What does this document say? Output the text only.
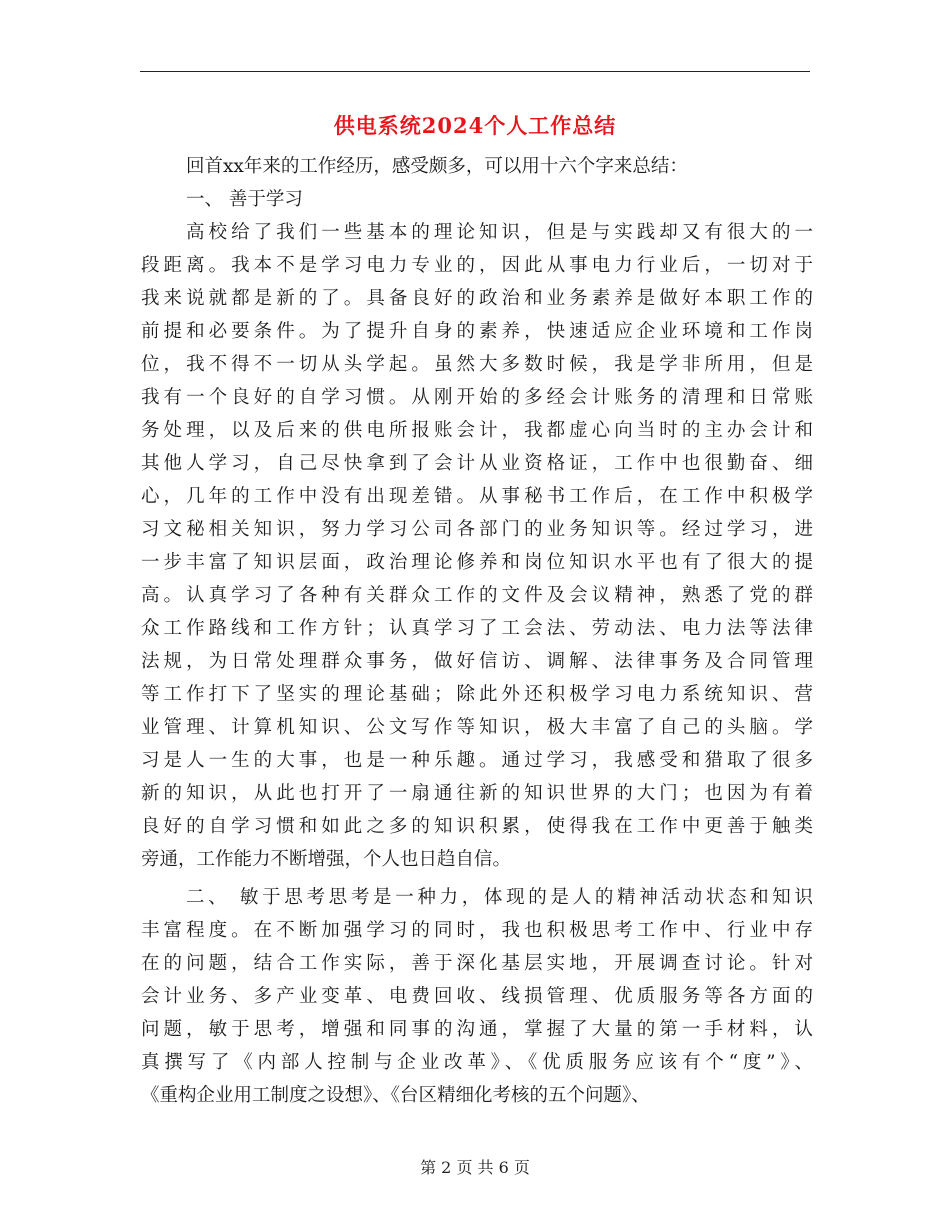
供电系统2024个人工作总结
回首xx年来的工作经历，感受颇多，可以用十六个字来总结：
一、 善于学习
高校给了我们一些基本的理论知识，但是与实践却又有很大的一
段距离。我本不是学习电力专业的，因此从事电力行业后，一切对于
我来说就都是新的了。具备良好的政治和业务素养是做好本职工作的
前提和必要条件。为了提升自身的素养，快速适应企业环境和工作岗
位，我不得不一切从头学起。虽然大多数时候，我是学非所用，但是
我有一个良好的自学习惯。从刚开始的多经会计账务的清理和日常账
务处理，以及后来的供电所报账会计，我都虚心向当时的主办会计和
其他人学习，自己尽快拿到了会计从业资格证，工作中也很勤奋、细
心，几年的工作中没有出现差错。从事秘书工作后，在工作中积极学
习文秘相关知识，努力学习公司各部门的业务知识等。经过学习，进
一步丰富了知识层面，政治理论修养和岗位知识水平也有了很大的提
高。认真学习了各种有关群众工作的文件及会议精神，熟悉了党的群
众工作路线和工作方针；认真学习了工会法、劳动法、电力法等法律
法规，为日常处理群众事务，做好信访、调解、法律事务及合同管理
等工作打下了坚实的理论基础；除此外还积极学习电力系统知识、营
业管理、计算机知识、公文写作等知识，极大丰富了自己的头脑。学
习是人一生的大事，也是一种乐趣。通过学习，我感受和猎取了很多
新的知识，从此也打开了一扇通往新的知识世界的大门；也因为有着
良好的自学习惯和如此之多的知识积累，使得我在工作中更善于触类
旁通，工作能力不断增强，个人也日趋自信。
二、 敏于思考思考是一种力，体现的是人的精神活动状态和知识
丰富程度。在不断加强学习的同时，我也积极思考工作中、行业中存
在的问题，结合工作实际，善于深化基层实地，开展调查讨论。针对
会计业务、多产业变革、电费回收、线损管理、优质服务等各方面的
问题，敏于思考，增强和同事的沟通，掌握了大量的第一手材料，认
真撰写了《内部人控制与企业改革》、《优质服务应该有个“度”》、
《重构企业用工制度之设想》、《台区精细化考核的五个问题》、
第 2 页 共 6 页
